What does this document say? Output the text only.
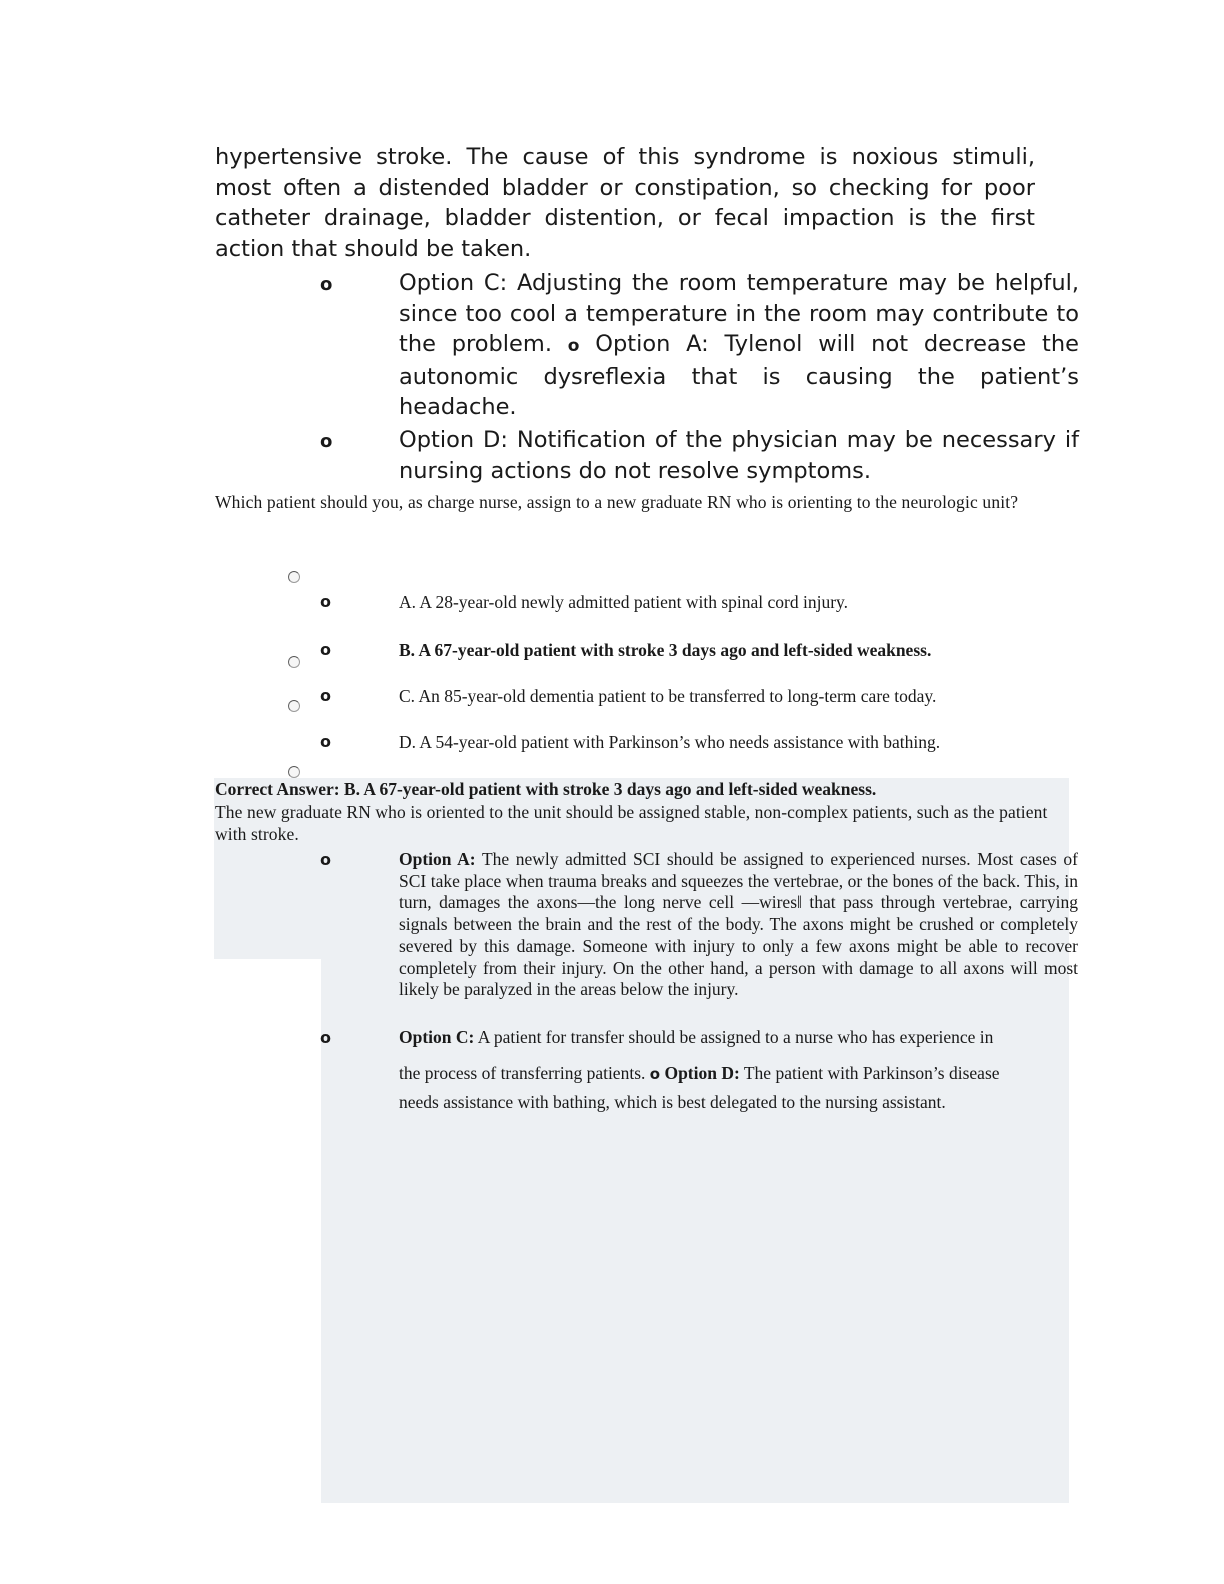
hypertensive stroke. The cause of this syndrome is noxious stimuli, most often a distended bladder or constipation, so checking for poor catheter drainage, bladder distention, or fecal impaction is the first action that should be taken.
o	Option C: Adjusting the room temperature may be helpful, since too cool a temperature in the room may contribute to the problem. o Option A: Tylenol will not decrease the autonomic dysreflexia that is causing the patient’s headache.
o	Option D: Notification of the physician may be necessary if nursing actions do not resolve symptoms.
Which patient should you, as charge nurse, assign to a new graduate RN who is orienting to the neurologic unit?
o	A. A 28-year-old newly admitted patient with spinal cord injury.
o	B. A 67-year-old patient with stroke 3 days ago and left-sided weakness.
o	C. An 85-year-old dementia patient to be transferred to long-term care today.
o	D. A 54-year-old patient with Parkinson’s who needs assistance with bathing.
Correct Answer: B. A 67-year-old patient with stroke 3 days ago and left-sided weakness.
The new graduate RN who is oriented to the unit should be assigned stable, non-complex patients, such as the patient with stroke.
o	Option A: The newly admitted SCI should be assigned to experienced nurses. Most cases of SCI take place when trauma breaks and squeezes the vertebrae, or the bones of the back. This, in turn, damages the axons—the long nerve cell —wires‖ that pass through vertebrae, carrying signals between the brain and the rest of the body. The axons might be crushed or completely severed by this damage. Someone with injury to only a few axons might be able to recover completely from their injury. On the other hand, a person with damage to all axons will most likely be paralyzed in the areas below the injury.
o	Option C: A patient for transfer should be assigned to a nurse who has experience in
the process of transferring patients. o Option D: The patient with Parkinson’s disease
needs assistance with bathing, which is best delegated to the nursing assistant.
